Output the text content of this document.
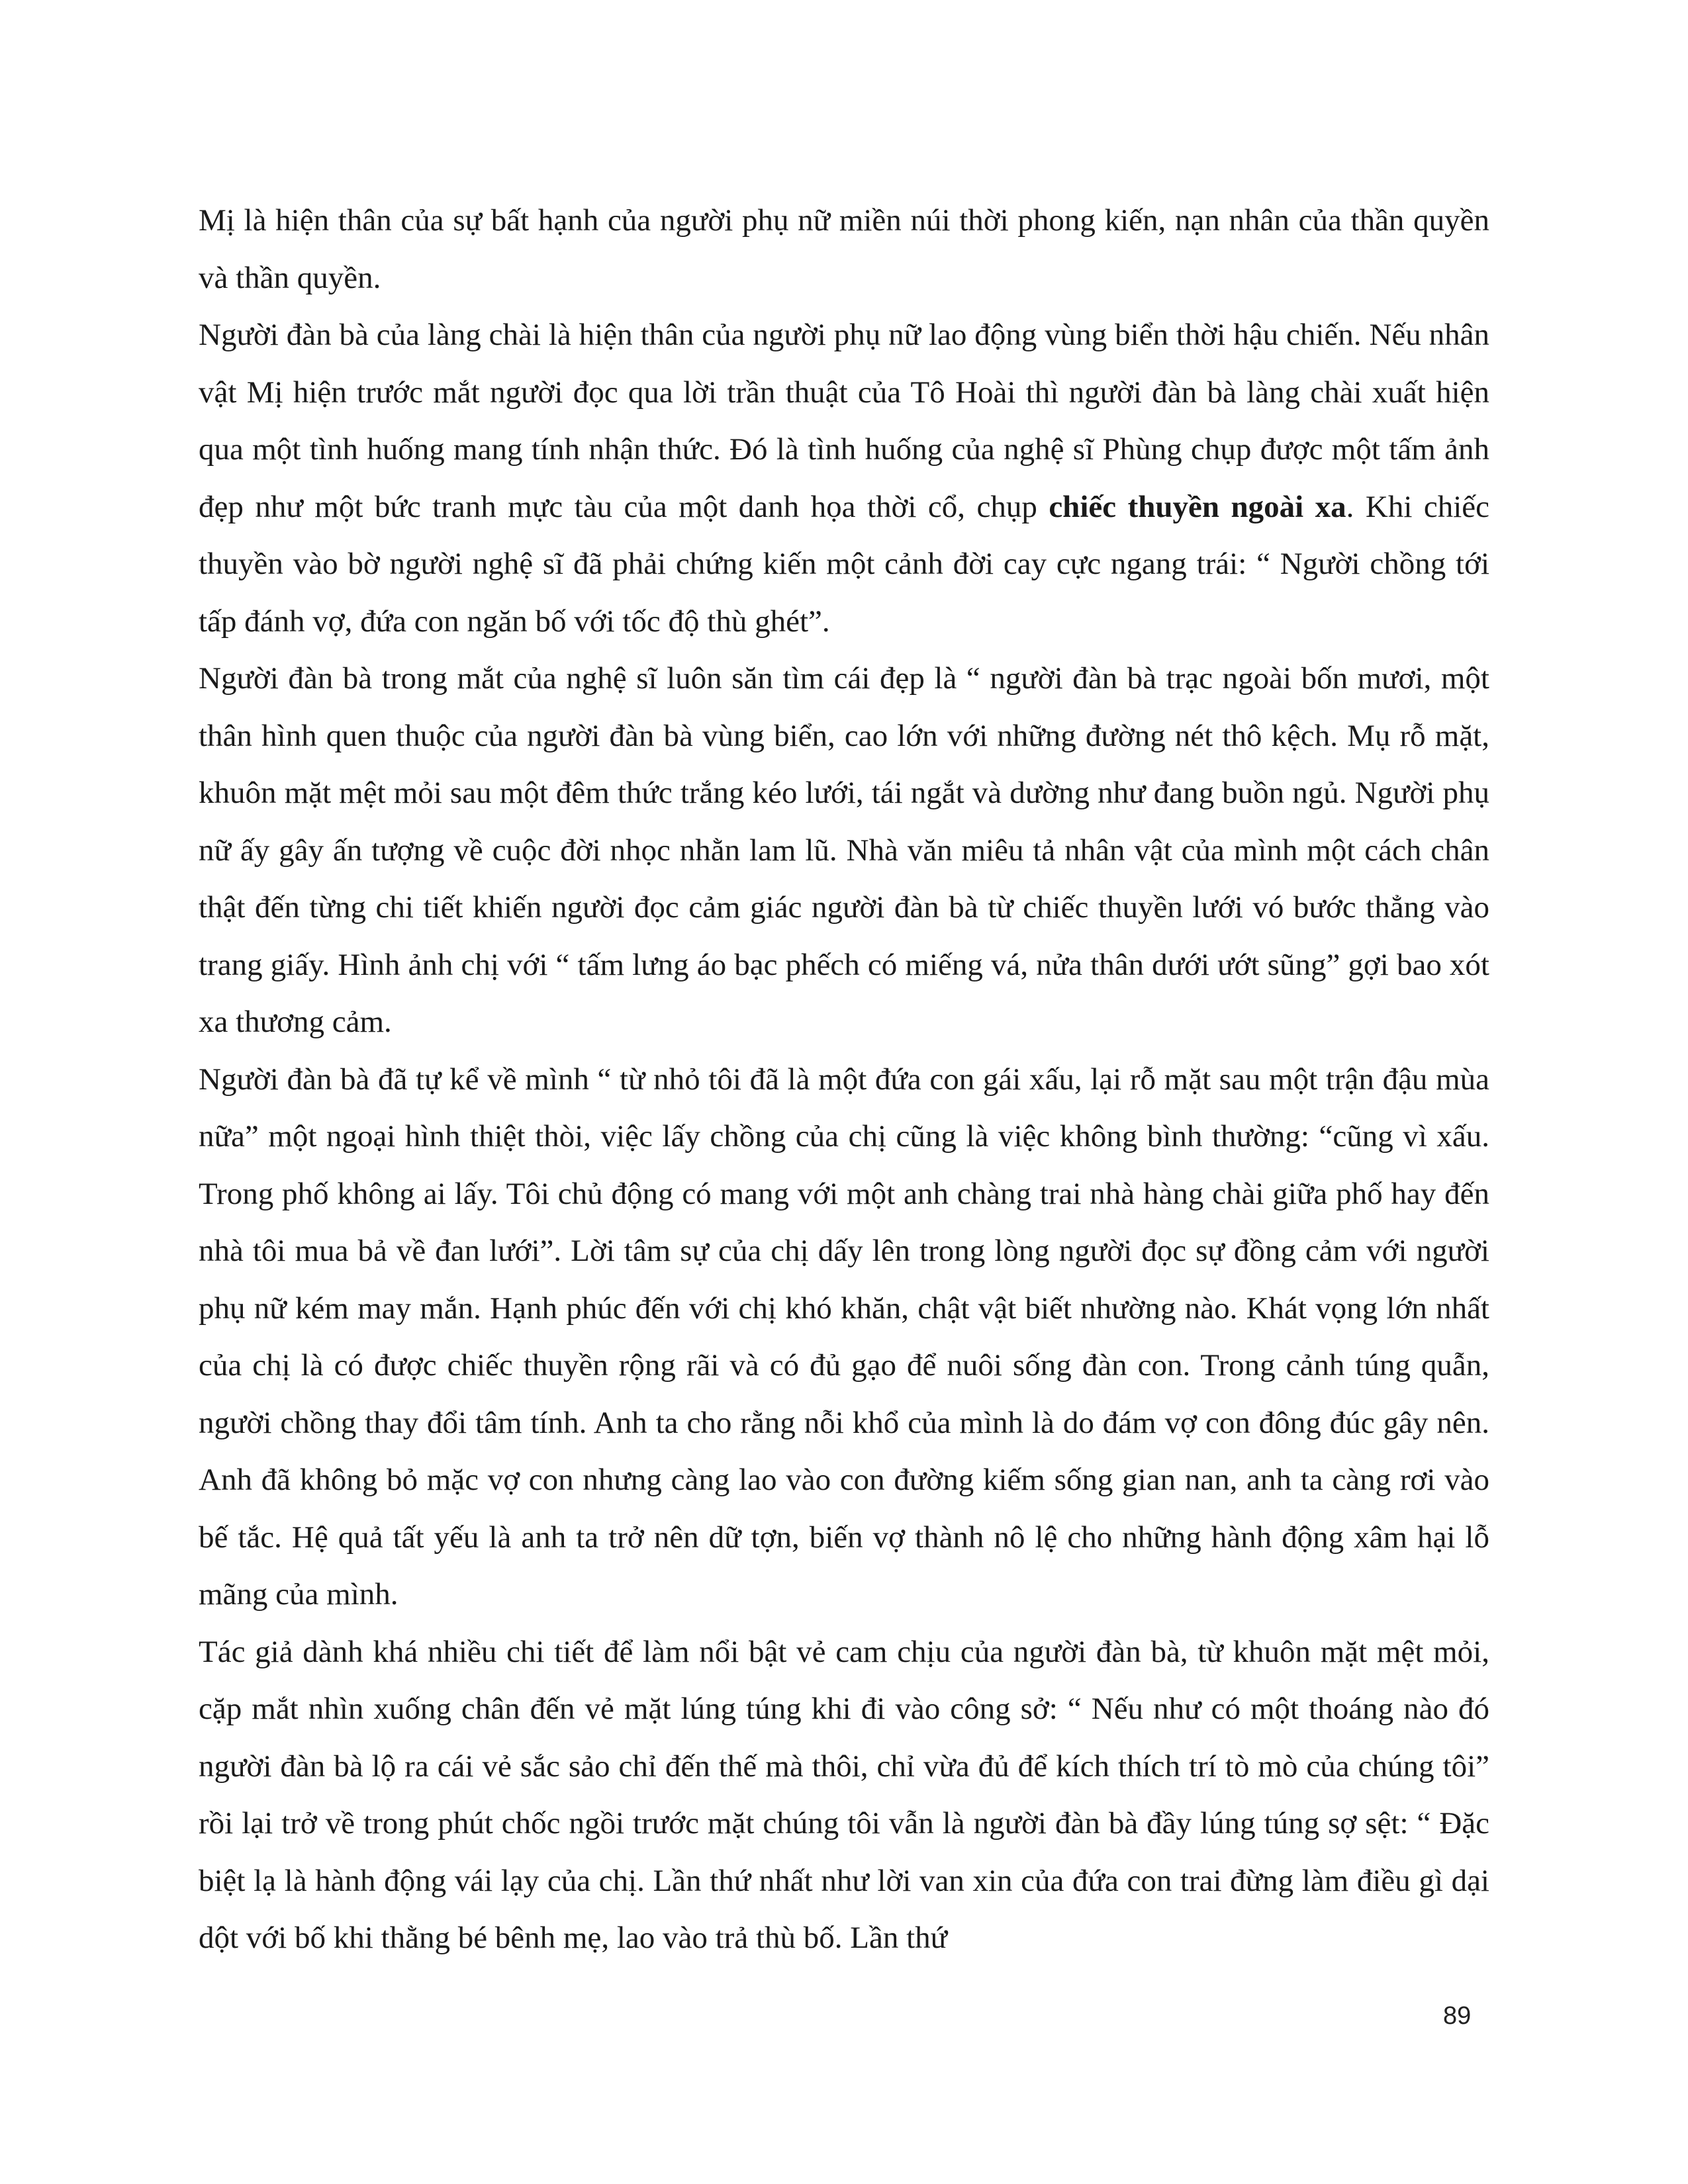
Mị là hiện thân của sự bất hạnh của người phụ nữ miền núi thời phong kiến, nạn nhân của thần quyền và thần quyền.

Người đàn bà của làng chài là hiện thân của người phụ nữ lao động vùng biển thời hậu chiến. Nếu nhân vật Mị hiện trước mắt người đọc qua lời trần thuật của Tô Hoài thì người đàn bà làng chài xuất hiện qua một tình huống mang tính nhận thức. Đó là tình huống của nghệ sĩ Phùng chụp được một tấm ảnh đẹp như một bức tranh mực tàu của một danh họa thời cổ, chụp chiếc thuyền ngoài xa. Khi chiếc thuyền vào bờ người nghệ sĩ đã phải chứng kiến một cảnh đời cay cực ngang trái: “ Người chồng tới tấp đánh vợ, đứa con ngăn bố với tốc độ thù ghét”.

Người đàn bà trong mắt của nghệ sĩ luôn săn tìm cái đẹp là “ người đàn bà trạc ngoài bốn mươi, một thân hình quen thuộc của người đàn bà vùng biển, cao lớn với những đường nét thô kệch. Mụ rỗ mặt, khuôn mặt mệt mỏi sau một đêm thức trắng kéo lưới, tái ngắt và dường như đang buồn ngủ. Người phụ nữ ấy gây ấn tượng về cuộc đời nhọc nhằn lam lũ. Nhà văn miêu tả nhân vật của mình một cách chân thật đến từng chi tiết khiến người đọc cảm giác người đàn bà từ chiếc thuyền lưới vó bước thẳng vào trang giấy. Hình ảnh chị với “ tấm lưng áo bạc phếch có miếng vá, nửa thân dưới ướt sũng” gợi bao xót xa thương cảm.

Người đàn bà đã tự kể về mình “ từ nhỏ tôi đã là một đứa con gái xấu, lại rỗ mặt sau một trận đậu mùa nữa” một ngoại hình thiệt thòi, việc lấy chồng của chị cũng là việc không bình thường: “cũng vì xấu. Trong phố không ai lấy. Tôi chủ động có mang với một anh chàng trai nhà hàng chài giữa phố hay đến nhà tôi mua bả về đan lưới”. Lời tâm sự của chị dấy lên trong lòng người đọc sự đồng cảm với người phụ nữ kém may mắn. Hạnh phúc đến với chị khó khăn, chật vật biết nhường nào. Khát vọng lớn nhất của chị là có được chiếc thuyền rộng rãi và có đủ gạo để nuôi sống đàn con. Trong cảnh túng quẫn, người chồng thay đổi tâm tính. Anh ta cho rằng nỗi khổ của mình là do đám vợ con đông đúc gây nên. Anh đã không bỏ mặc vợ con nhưng càng lao vào con đường kiếm sống gian nan, anh ta càng rơi vào bế tắc. Hệ quả tất yếu là anh ta trở nên dữ tợn, biến vợ thành nô lệ cho những hành động xâm hại lỗ mãng của mình.

Tác giả dành khá nhiều chi tiết để làm nổi bật vẻ cam chịu của người đàn bà, từ khuôn mặt mệt mỏi, cặp mắt nhìn xuống chân đến vẻ mặt lúng túng khi đi vào công sở: “ Nếu như có một thoáng nào đó người đàn bà lộ ra cái vẻ sắc sảo chỉ đến thế mà thôi, chỉ vừa đủ để kích thích trí tò mò của chúng tôi” rồi lại trở về trong phút chốc ngồi trước mặt chúng tôi vẫn là người đàn bà đầy lúng túng sợ sệt: “ Đặc biệt lạ là hành động vái lạy của chị. Lần thứ nhất như lời van xin của đứa con trai đừng làm điều gì dại dột với bố khi thằng bé bênh mẹ, lao vào trả thù bố. Lần thứ

89
